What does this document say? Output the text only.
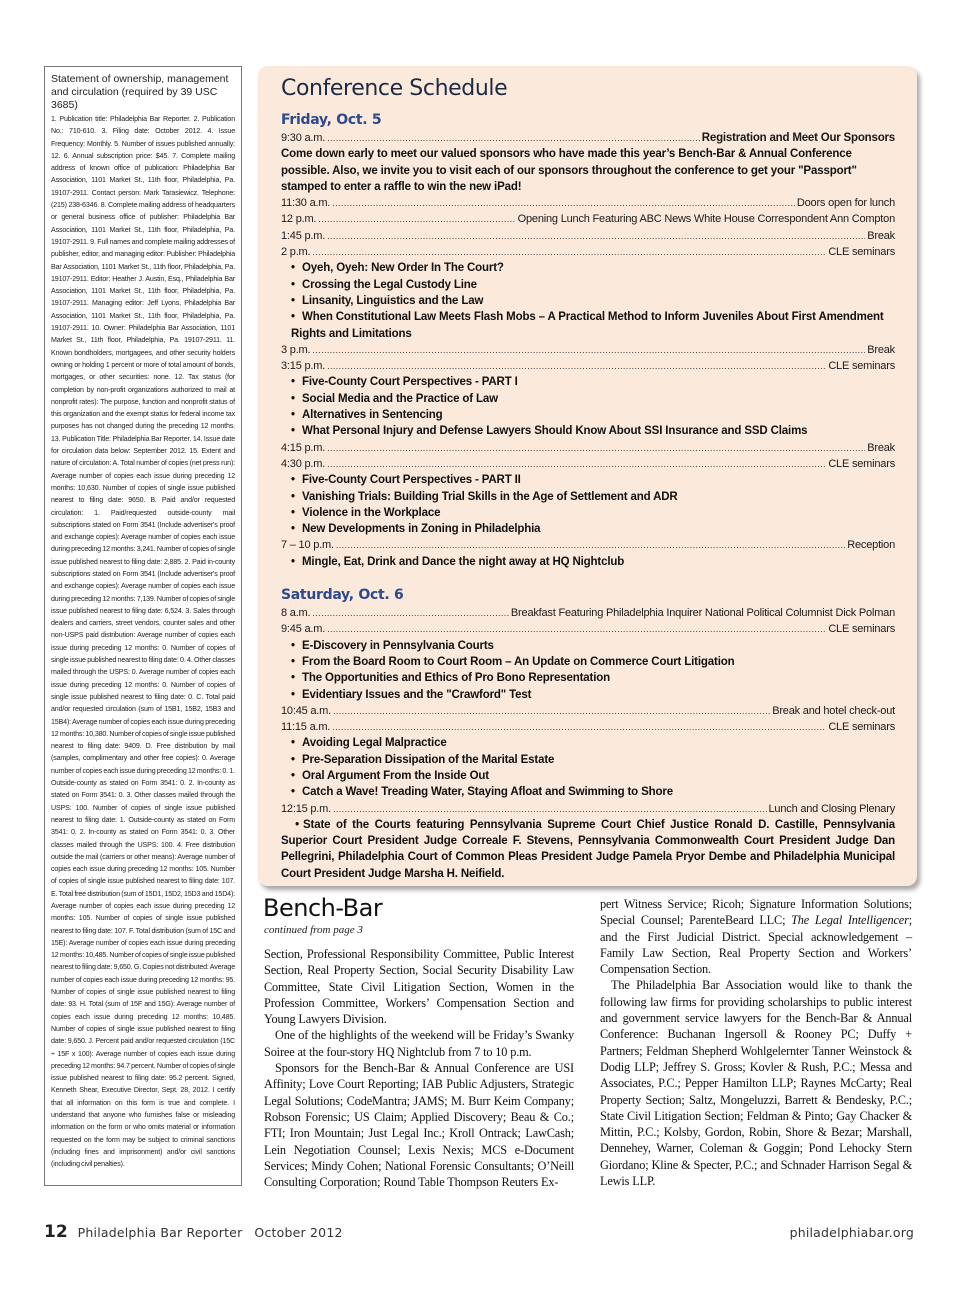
Statement of ownership, management and circulation (required by 39 USC 3685)
1. Publication title: Philadelphia Bar Reporter. 2. Publication No.: 710-610. 3. Filing date: October 2012. 4. Issue Frequency: Monthly. 5. Number of issues published annually: 12. 6. Annual subscription price: $45. 7. Complete mailing address of known office of publication: Philadelphia Bar Association, 1101 Market St., 11th floor, Philadelphia, Pa. 19107-2911. Contact person: Mark Tarasiewicz. Telephone: (215) 238-6346. 8. Complete mailing address of headquarters or general business office of publisher: Philadelphia Bar Association, 1101 Market St., 11th floor, Philadelphia, Pa. 19107-2911. 9. Full names and complete mailing addresses of publisher, editor, and managing editor: Publisher: Philadelphia Bar Association, 1101 Market St., 11th floor, Philadelphia, Pa. 19107-2911. Editor: Heather J. Austin, Esq., Philadelphia Bar Association, 1101 Market St., 11th floor, Philadelphia, Pa. 19107-2911. Managing editor: Jeff Lyons, Philadelphia Bar Association, 1101 Market St., 11th floor, Philadelphia, Pa. 19107-2911. 10. Owner: Philadelphia Bar Association, 1101 Market St., 11th floor, Philadelphia, Pa. 19107-2911. 11. Known bondholders, mortgagees, and other security holders owning or holding 1 percent or more of total amount of bonds, mortgages, or other securities: none. 12. Tax status (for completion by non-profit organizations authorized to mail at nonprofit rates): The purpose, function and nonprofit status of this organization and the exempt status for federal income tax purposes has not changed during the preceding 12 months. 13. Publication Title: Philadelphia Bar Reporter. 14. Issue date for circulation data below: September 2012. 15. Extent and nature of circulation: A. Total number of copies (net press run): Average number of copies each issue during preceding 12 months: 10,630. Number of copies of single issue published nearest to filing date: 9650. B. Paid and/or requested circulation: 1. Paid/requested outside-county mail subscriptions stated on Form 3541 (Include advertiser's proof and exchange copies): Average number of copies each issue during preceding 12 months: 3,241. Number of copies of single issue published nearest to filing date: 2,885. 2. Paid in-county subscriptions stated on Form 3541 (Include advertiser's proof and exchange copies): Average number of copies each issue during preceding 12 months: 7,139. Number of copies of single issue published nearest to filing date: 6,524. 3. Sales through dealers and carriers, street vendors, counter sales and other non-USPS paid distribution: Average number of copies each issue during preceding 12 months: 0. Number of copies of single issue published nearest to filing date: 0. 4. Other classes mailed through the USPS: 0. Average number of copies each issue during preceding 12 months: 0. Number of copies of single issue published nearest to filing date: 0. C. Total paid and/or requested circulation (sum of 15B1, 15B2, 15B3 and 15B4): Average number of copies each issue during preceding 12 months: 10,380. Number of copies of single issue published nearest to filing date: 9409. D. Free distribution by mail (samples, complimentary and other free copies): 0. Average number of copies each issue during preceding 12 months: 0. 1. Outside-county as stated on Form 3541: 0. 2. In-county as stated on Form 3541: 0. 3. Other classes mailed through the USPS: 100. Number of copies of single issue published nearest to filing date: 1. Outside-county as stated on Form 3541: 0. 2. In-county as stated on Form 3541: 0. 3. Other classes mailed through the USPS: 100. 4. Free distribution outside the mail (carriers or other means): Average number of copies each issue during preceding 12 months: 105. Number of copies of single issue published nearest to filing date: 107. E. Total free distribution (sum of 15D1, 15D2, 15D3 and 15D4): Average number of copies each issue during preceding 12 months: 105. Number of copies of single issue published nearest to filing date: 107. F. Total distribution (sum of 15C and 15E): Average number of copies each issue during preceding 12 months: 10,485. Number of copies of single issue published nearest to filing date: 9,650. G. Copies not distributed: Average number of copies each issue during preceding 12 months: 95. Number of copies of single issue published nearest to filing date: 93. H. Total (sum of 15F and 15G): Average number of copies each issue during preceding 12 months: 10,485. Number of copies of single issue published nearest to filing date: 9,650. J. Percent paid and/or requested circulation (15C ÷ 15F x 100): Average number of copies each issue during preceding 12 months: 94.7 percent. Number of copies of single issue published nearest to filing date: 95.2 percent. Signed, Kenneth Shear, Executive Director, Sept. 28, 2012. I certify that all information on this form is true and complete. I understand that anyone who furnishes false or misleading information on the form or who omits material or information requested on the form may be subject to criminal sanctions (including fines and imprisonment) and/or civil sanctions (including civil penalties).
Conference Schedule
Friday, Oct. 5
9:30 a.m. .....	Registration and Meet Our Sponsors
Come down early to meet our valued sponsors who have made this year’s Bench-Bar & Annual Conference possible. Also, we invite you to visit each of our sponsors throughout the conference to get your "Passport" stamped to enter a raffle to win the new iPad!
11:30 a.m. .....	Doors open for lunch
12 p.m. .....	Opening Lunch Featuring ABC News White House Correspondent Ann Compton
1:45 p.m. .....	Break
2 p.m. .....	CLE seminars
• Oyeh, Oyeh: New Order In The Court?
• Crossing the Legal Custody Line
• Linsanity, Linguistics and the Law
• When Constitutional Law Meets Flash Mobs – A Practical Method to Inform Juveniles About First Amendment Rights and Limitations
3 p.m. .....	Break
3:15 p.m. .....	CLE seminars
• Five-County Court Perspectives - PART I
• Social Media and the Practice of Law
• Alternatives in Sentencing
• What Personal Injury and Defense Lawyers Should Know About SSI Insurance and SSD Claims
4:15 p.m. .....	Break
4:30 p.m. .....	CLE seminars
• Five-County Court Perspectives - PART II
• Vanishing Trials: Building Trial Skills in the Age of Settlement and ADR
• Violence in the Workplace
• New Developments in Zoning in Philadelphia
7 – 10 p.m. .....	Reception
• Mingle, Eat, Drink and Dance the night away at HQ Nightclub
Saturday, Oct. 6
8 a.m. .....	Breakfast Featuring Philadelphia Inquirer National Political Columnist Dick Polman
9:45 a.m. .....	CLE seminars
• E-Discovery in Pennsylvania Courts
• From the Board Room to Court Room – An Update on Commerce Court Litigation
• The Opportunities and Ethics of Pro Bono Representation
• Evidentiary Issues and the "Crawford" Test
10:45 a.m. .....	Break and hotel check-out
11:15 a.m. .....	CLE seminars
• Avoiding Legal Malpractice
• Pre-Separation Dissipation of the Marital Estate
• Oral Argument From the Inside Out
• Catch a Wave! Treading Water, Staying Afloat and Swimming to Shore
12:15 p.m. .....	Lunch and Closing Plenary
• State of the Courts featuring Pennsylvania Supreme Court Chief Justice Ronald D. Castille, Pennsylvania Superior Court President Judge Correale F. Stevens, Pennsylvania Commonwealth Court President Judge Dan Pellegrini, Philadelphia Court of Common Pleas President Judge Pamela Pryor Dembe and Philadelphia Municipal Court President Judge Marsha H. Neifield.
Bench-Bar
continued from page 3

Section, Professional Responsibility Committee, Public Interest Section, Real Property Section, Social Security Disability Law Committee, State Civil Litigation Section, Women in the Profession Committee, Workers’ Compensation Section and Young Lawyers Division.

One of the highlights of the weekend will be Friday’s Swanky Soiree at the four-story HQ Nightclub from 7 to 10 p.m.

Sponsors for the Bench-Bar & Annual Conference are USI Affinity; Love Court Reporting; IAB Public Adjusters, Strategic Legal Solutions; CodeMantra; JAMS; M. Burr Keim Company; Robson Forensic; US Claim; Applied Discovery; Beau & Co.; FTI; Iron Mountain; Just Legal Inc.; Kroll Ontrack; LawCash; Lein Negotiation Counsel; Lexis Nexis; MCS e-Document Services; Mindy Cohen; National Forensic Consultants; O’Neill Consulting Corporation; Round Table Thompson Reuters Ex-

pert Witness Service; Ricoh; Signature Information Solutions; Special Counsel; ParenteBeard LLC; The Legal Intelligencer; and the First Judicial District. Special acknowledgement – Family Law Section, Real Property Section and Workers’ Compensation Section.

The Philadelphia Bar Association would like to thank the following law firms for providing scholarships to public interest and government service lawyers for the Bench-Bar & Annual Conference: Buchanan Ingersoll & Rooney PC; Duffy + Partners; Feldman Shepherd Wohlgelernter Tanner Weinstock & Dodig LLP; Jeffrey S. Gross; Kovler & Rush, P.C.; Messa and Associates, P.C.; Pepper Hamilton LLP; Raynes McCarty; Real Property Section; Saltz, Mongeluzzi, Barrett & Bendesky, P.C.; State Civil Litigation Section; Feldman & Pinto; Gay Chacker & Mittin, P.C.; Kolsby, Gordon, Robin, Shore & Bezar; Marshall, Dennehey, Warner, Coleman & Goggin; Pond Lehocky Stern Giordano; Kline & Specter, P.C.; and Schnader Harrison Segal & Lewis LLP.

12 Philadelphia Bar Reporter October 2012	philadelphiabar.org
